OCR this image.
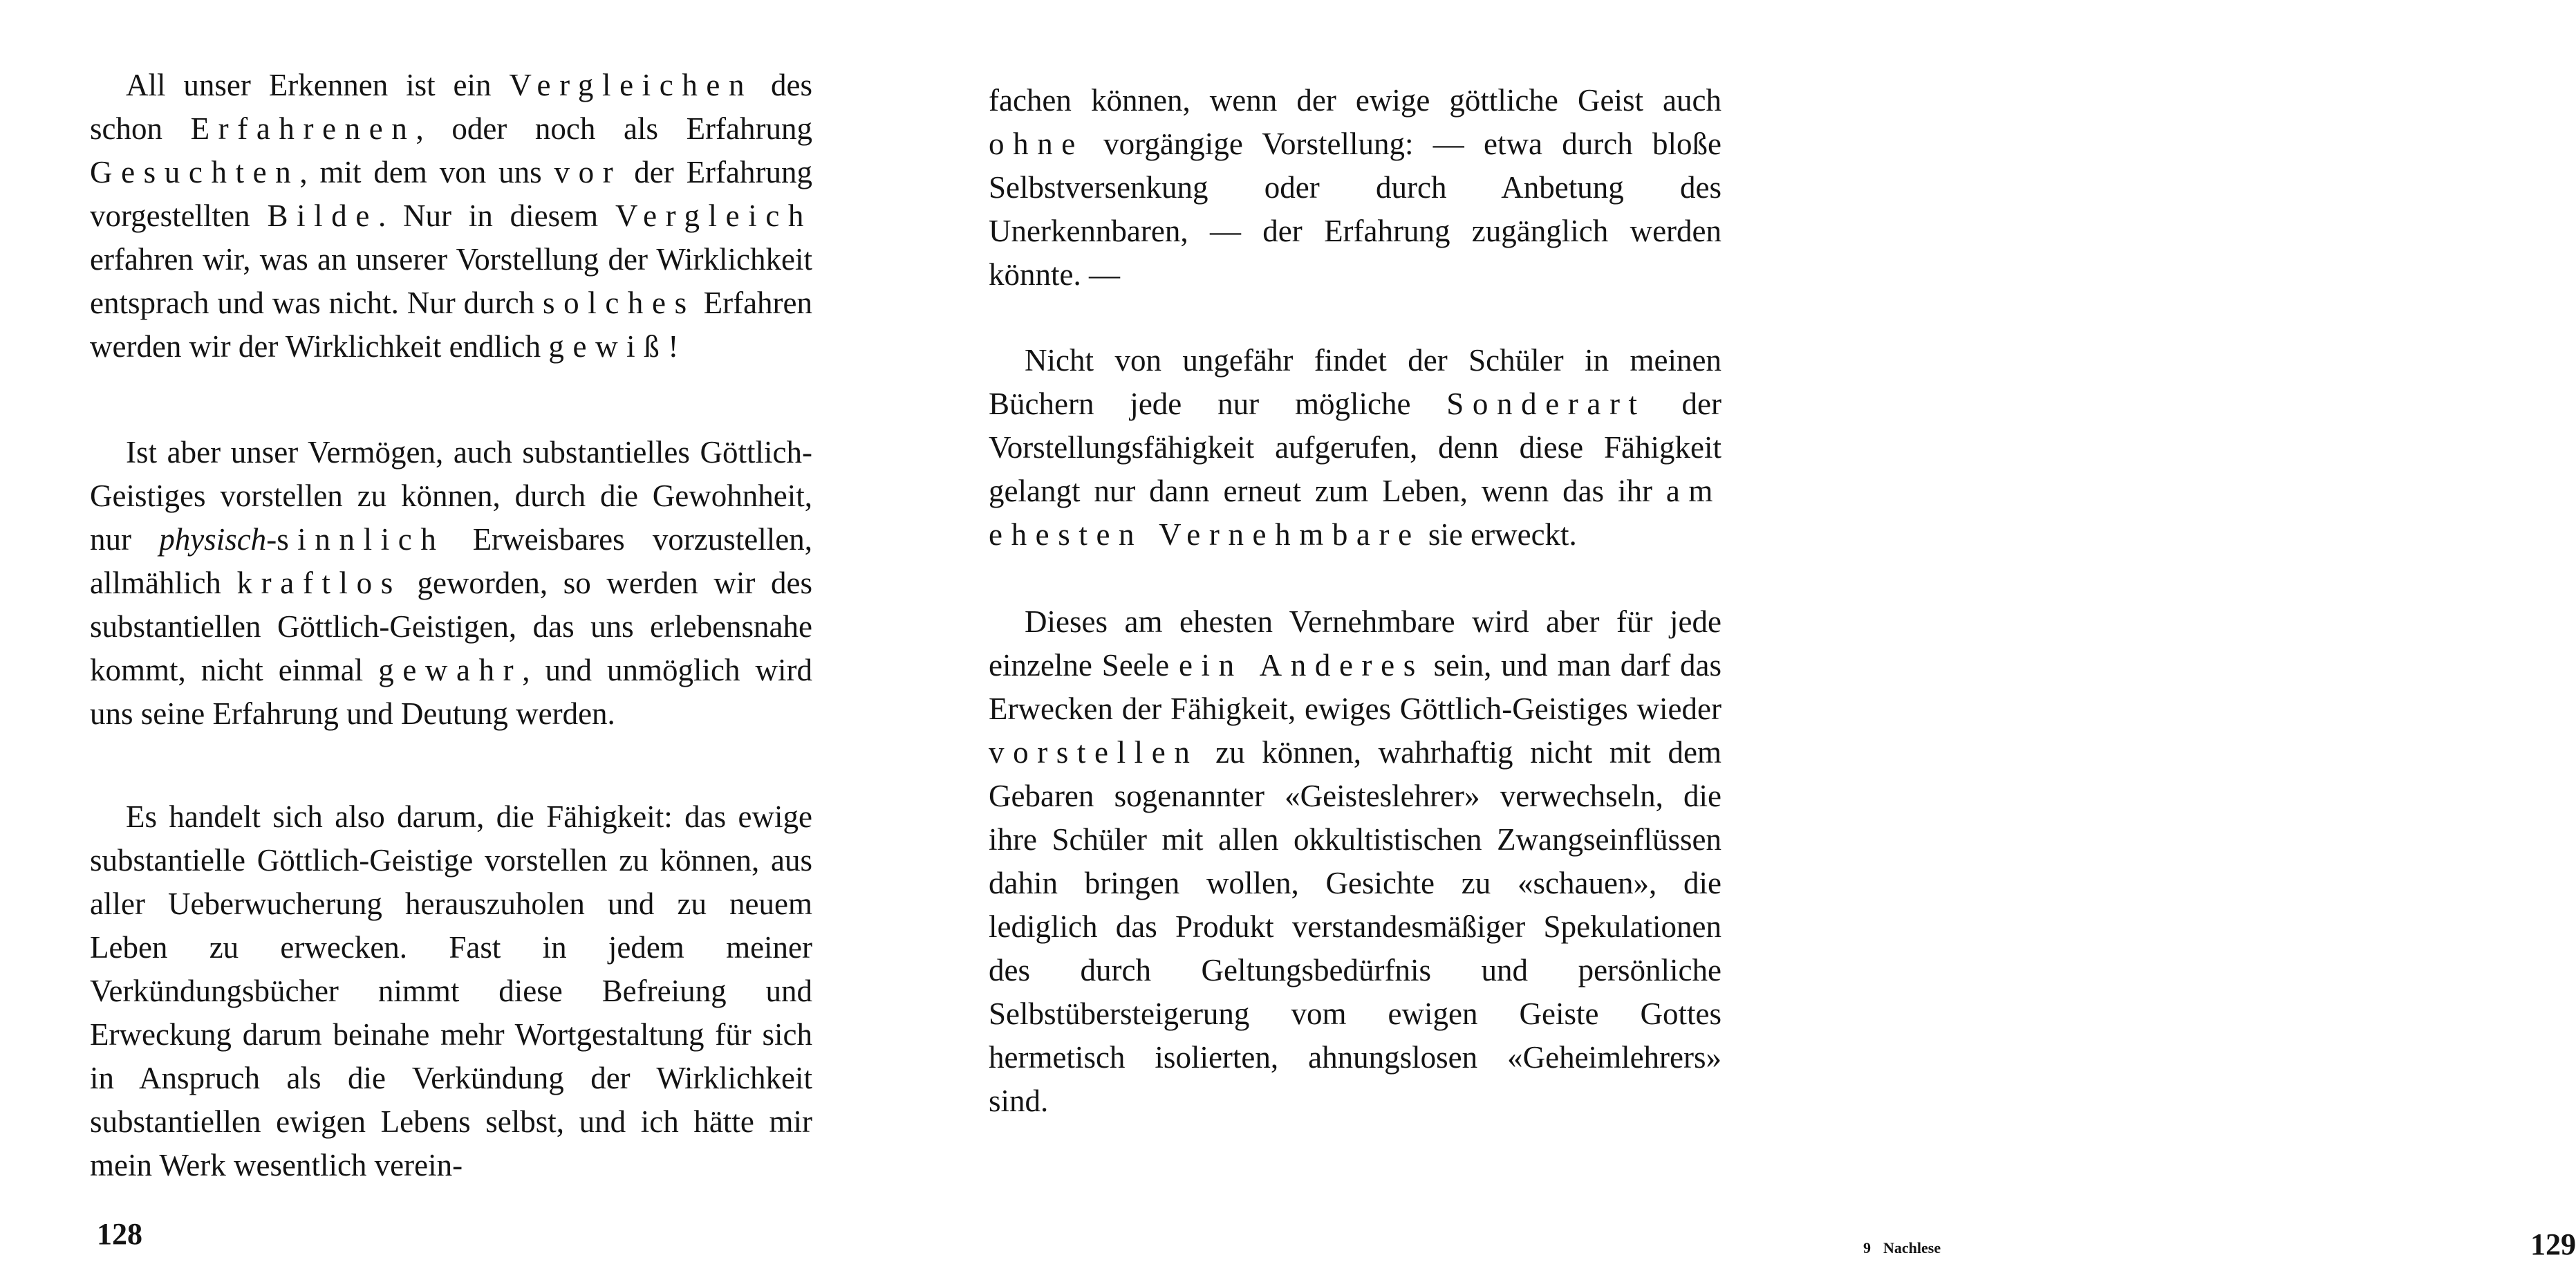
All unser Erkennen ist ein Vergleichen des schon Erfahrenen, oder noch als Erfahrung Gesuchten, mit dem von uns vor der Erfahrung vorgestellten Bilde. Nur in diesem Vergleich erfahren wir, was an unserer Vorstellung der Wirklichkeit entsprach und was nicht. Nur durch solches Erfahren werden wir der Wirklichkeit endlich gewiß!

Ist aber unser Vermögen, auch substantielles Göttlich-Geistiges vorstellen zu können, durch die Gewohnheit, nur physisch-sinnlich Erweisbares vorzustellen, allmählich kraftlos geworden, so werden wir des substantiellen Göttlich-Geistigen, das uns erlebensnahe kommt, nicht einmal gewahr, und unmöglich wird uns seine Erfahrung und Deutung werden.

Es handelt sich also darum, die Fähigkeit: das ewige substantielle Göttlich-Geistige vorstellen zu können, aus aller Ueberwucherung herauszuholen und zu neuem Leben zu erwecken. Fast in jedem meiner Verkündungsbücher nimmt diese Befreiung und Erweckung darum beinahe mehr Wortgestaltung für sich in Anspruch als die Verkündung der Wirklichkeit substantiellen ewigen Lebens selbst, und ich hätte mir mein Werk wesentlich verein-

128

fachen können, wenn der ewige göttliche Geist auch ohne vorgängige Vorstellung: — etwa durch bloße Selbstversenkung oder durch Anbetung des Unerkennbaren, — der Erfahrung zugänglich werden könnte. —

Nicht von ungefähr findet der Schüler in meinen Büchern jede nur mögliche Sonderart der Vorstellungsfähigkeit aufgerufen, denn diese Fähigkeit gelangt nur dann erneut zum Leben, wenn das ihr am ehesten Vernehmbare sie erweckt.

Dieses am ehesten Vernehmbare wird aber für jede einzelne Seele ein Anderes sein, und man darf das Erwecken der Fähigkeit, ewiges Göttlich-Geistiges wieder vorstellen zu können, wahrhaftig nicht mit dem Gebaren sogenannter «Geisteslehrer» verwechseln, die ihre Schüler mit allen okkultistischen Zwangseinflüssen dahin bringen wollen, Gesichte zu «schauen», die lediglich das Produkt verstandesmäßiger Spekulationen des durch Geltungsbedürfnis und persönliche Selbstübersteigerung vom ewigen Geiste Gottes hermetisch isolierten, ahnungslosen «Geheimlehrers» sind.

9 Nachlese	129
